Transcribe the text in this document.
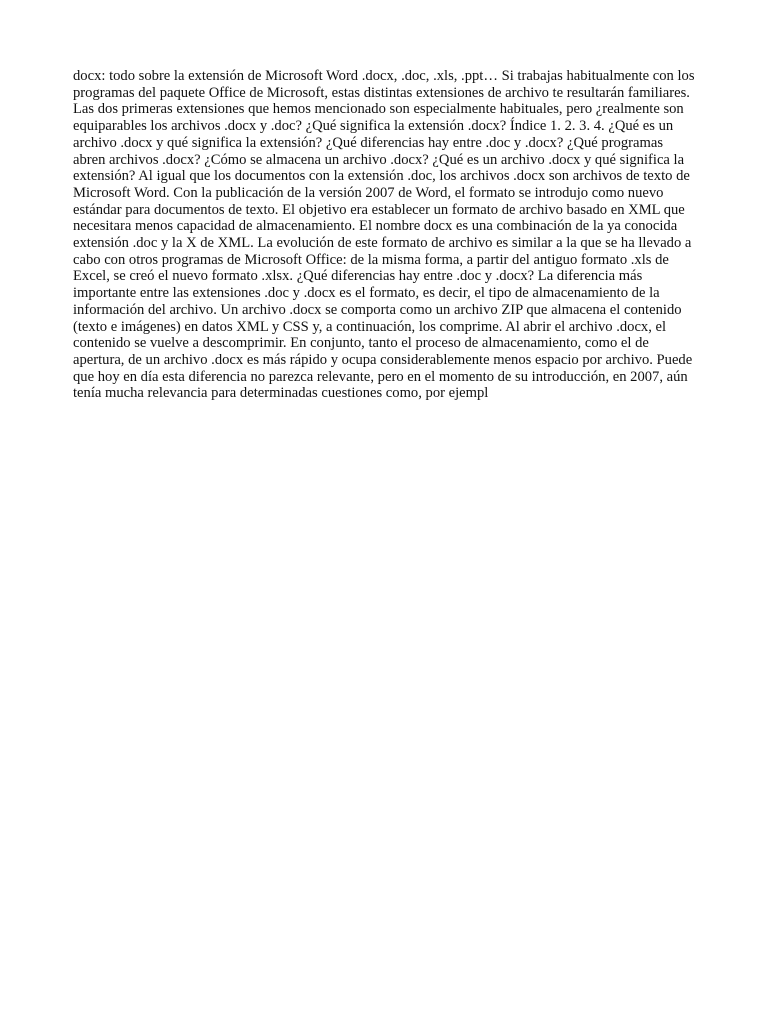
docx: todo sobre la extensión de Microsoft Word .docx, .doc, .xls, .ppt… Si trabajas habitualmente con los programas del paquete Office de Microsoft, estas distintas extensiones de archivo te resultarán familiares. Las dos primeras extensiones que hemos mencionado son especialmente habituales, pero ¿realmente son equiparables los archivos .docx y .doc? ¿Qué significa la extensión .docx? Índice 1. 2. 3. 4. ¿Qué es un archivo .docx y qué significa la extensión? ¿Qué diferencias hay entre .doc y .docx? ¿Qué programas abren archivos .docx? ¿Cómo se almacena un archivo .docx? ¿Qué es un archivo .docx y qué significa la extensión? Al igual que los documentos con la extensión .doc, los archivos .docx son archivos de texto de Microsoft Word. Con la publicación de la versión 2007 de Word, el formato se introdujo como nuevo estándar para documentos de texto. El objetivo era establecer un formato de archivo basado en XML que necesitara menos capacidad de almacenamiento. El nombre docx es una combinación de la ya conocida extensión .doc y la X de XML. La evolución de este formato de archivo es similar a la que se ha llevado a cabo con otros programas de Microsoft Office: de la misma forma, a partir del antiguo formato .xls de Excel, se creó el nuevo formato .xlsx. ¿Qué diferencias hay entre .doc y .docx? La diferencia más importante entre las extensiones .doc y .docx es el formato, es decir, el tipo de almacenamiento de la información del archivo. Un archivo .docx se comporta como un archivo ZIP que almacena el contenido (texto e imágenes) en datos XML y CSS y, a continuación, los comprime. Al abrir el archivo .docx, el contenido se vuelve a descomprimir. En conjunto, tanto el proceso de almacenamiento, como el de apertura, de un archivo .docx es más rápido y ocupa considerablemente menos espacio por archivo. Puede que hoy en día esta diferencia no parezca relevante, pero en el momento de su introducción, en 2007, aún tenía mucha relevancia para determinadas cuestiones como, por ejempl
